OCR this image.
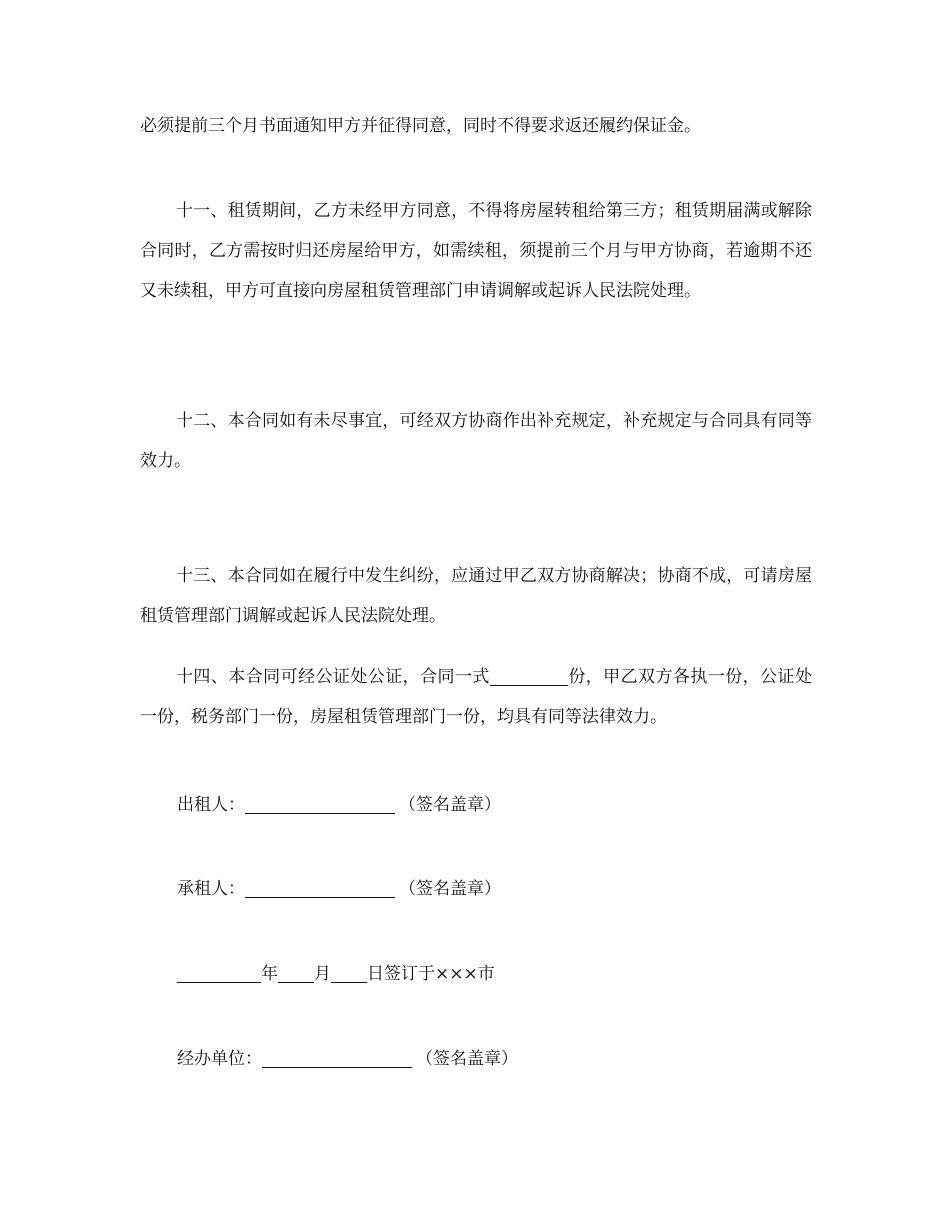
必须提前三个月书面通知甲方并征得同意，同时不得要求返还履约保证金。

十一、租赁期间，乙方未经甲方同意，不得将房屋转租给第三方；租赁期届满或解除合同时，乙方需按时归还房屋给甲方，如需续租，须提前三个月与甲方协商，若逾期不还又未续租，甲方可直接向房屋租赁管理部门申请调解或起诉人民法院处理。

十二、本合同如有未尽事宜，可经双方协商作出补充规定，补充规定与合同具有同等效力。

十三、本合同如在履行中发生纠纷，应通过甲乙双方协商解决；协商不成，可请房屋租赁管理部门调解或起诉人民法院处理。

十四、本合同可经公证处公证，合同一式	份，甲乙双方各执一份，公证处一份，税务部门一份，房屋租赁管理部门一份，均具有同等法律效力。

出租人：	（签名盖章）
承租人：	（签名盖章）
年 月 日签订于×××市
经办单位：	（签名盖章）
